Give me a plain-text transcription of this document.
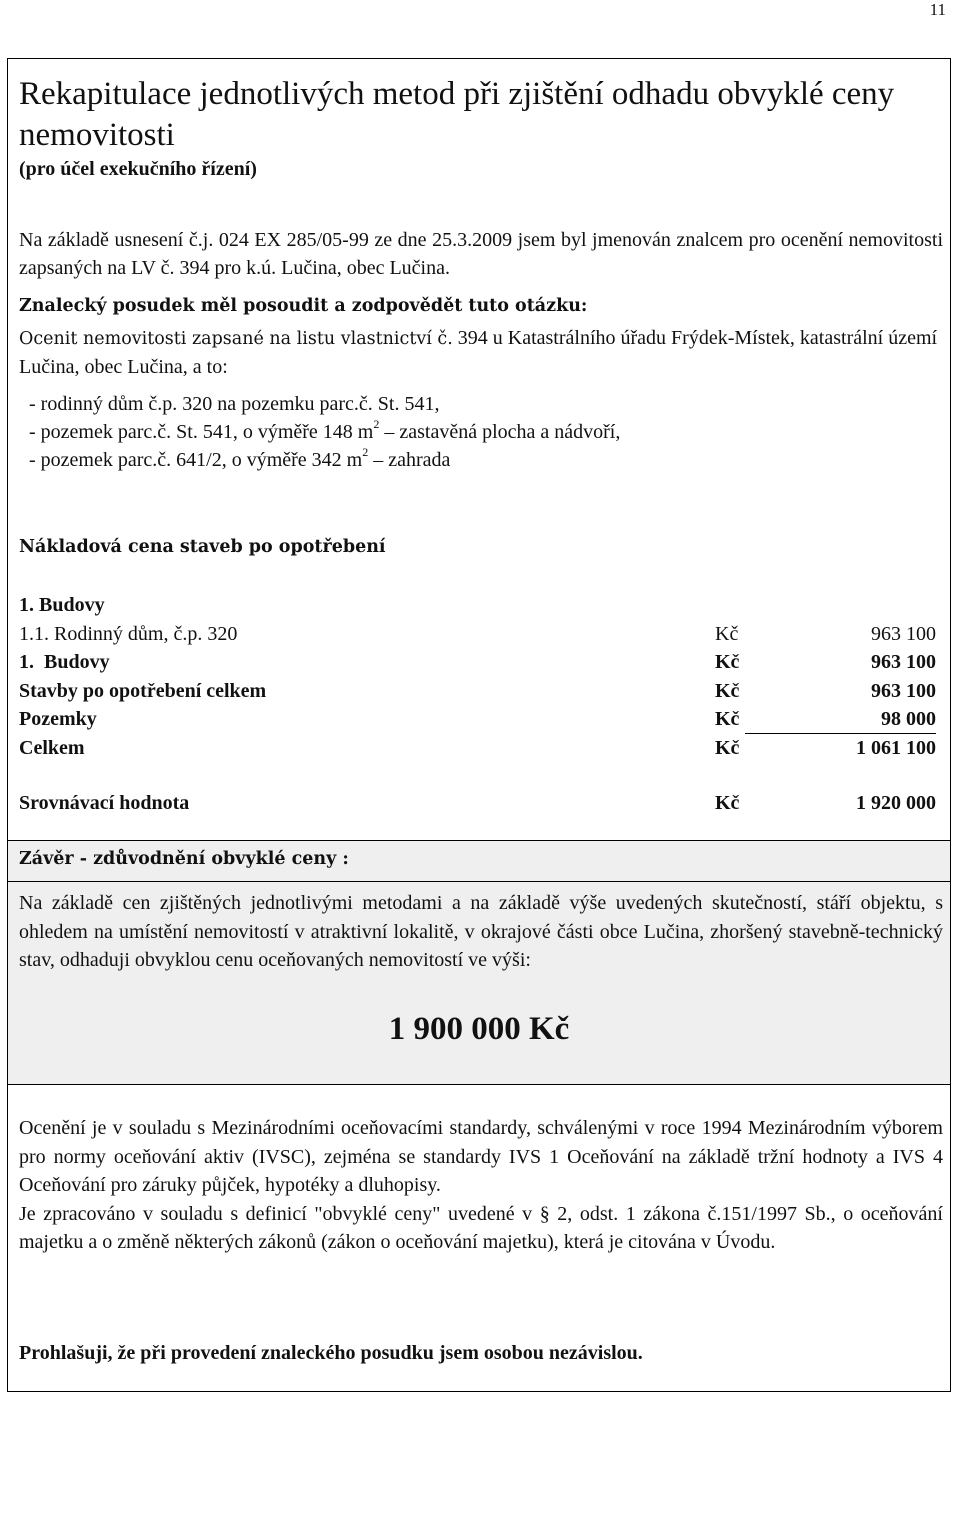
11
Rekapitulace jednotlivých metod při zjištění odhadu obvyklé ceny nemovitosti
(pro účel exekučního řízení)
Na základě usnesení č.j. 024 EX 285/05-99 ze dne 25.3.2009 jsem byl jmenován znalcem pro ocenění nemovitosti zapsaných na LV č. 394 pro k.ú. Lučina, obec Lučina.
Znalecký posudek měl posoudit a zodpovědět tuto otázku:
Ocenit nemovitosti zapsané na listu vlastnictví č. 394 u Katastrálního úřadu Frýdek-Místek, katastrální území Lučina, obec Lučina, a to:
- rodinný dům č.p. 320 na pozemku parc.č. St. 541,
- pozemek parc.č. St. 541, o výměře 148 $m^2$ – zastavěná plocha a nádvoří,
- pozemek parc.č. 641/2, o výměře 342 $m^2$ – zahrada
Nákladová cena staveb po opotřebení
1. Budovy
1.1. Rodinný dům, č.p. 320	Kč	963 100
1.  Budovy	Kč	963 100
Stavby po opotřebení celkem	Kč	963 100
Pozemky	Kč	98 000
Celkem	Kč	1 061 100
Srovnávací hodnota	Kč	1 920 000
Závěr - zdůvodnění obvyklé ceny :
Na základě cen zjištěných jednotlivými metodami a na základě výše uvedených skutečností, stáří objektu, s ohledem na umístění nemovitostí v atraktivní lokalitě, v okrajové části obce Lučina, zhoršený stavebně-technický stav, odhaduji obvyklou cenu oceňovaných nemovitostí ve výši:
1 900 000 Kč

Ocenění je v souladu s Mezinárodními oceňovacími standardy, schválenými v roce 1994 Mezinárodním výborem pro normy oceňování aktiv (IVSC), zejména se standardy IVS 1 Oceňování na základě tržní hodnoty a IVS 4 Oceňování pro záruky půjček, hypotéky a dluhopisy.

Je zpracováno v souladu s definicí "obvyklé ceny" uvedené v § 2, odst. 1 zákona č.151/1997 Sb., o oceňování majetku a o změně některých zákonů (zákon o oceňování majetku), která je citována v Úvodu.

Prohlašuji, že při provedení znaleckého posudku jsem osobou nezávislou.
